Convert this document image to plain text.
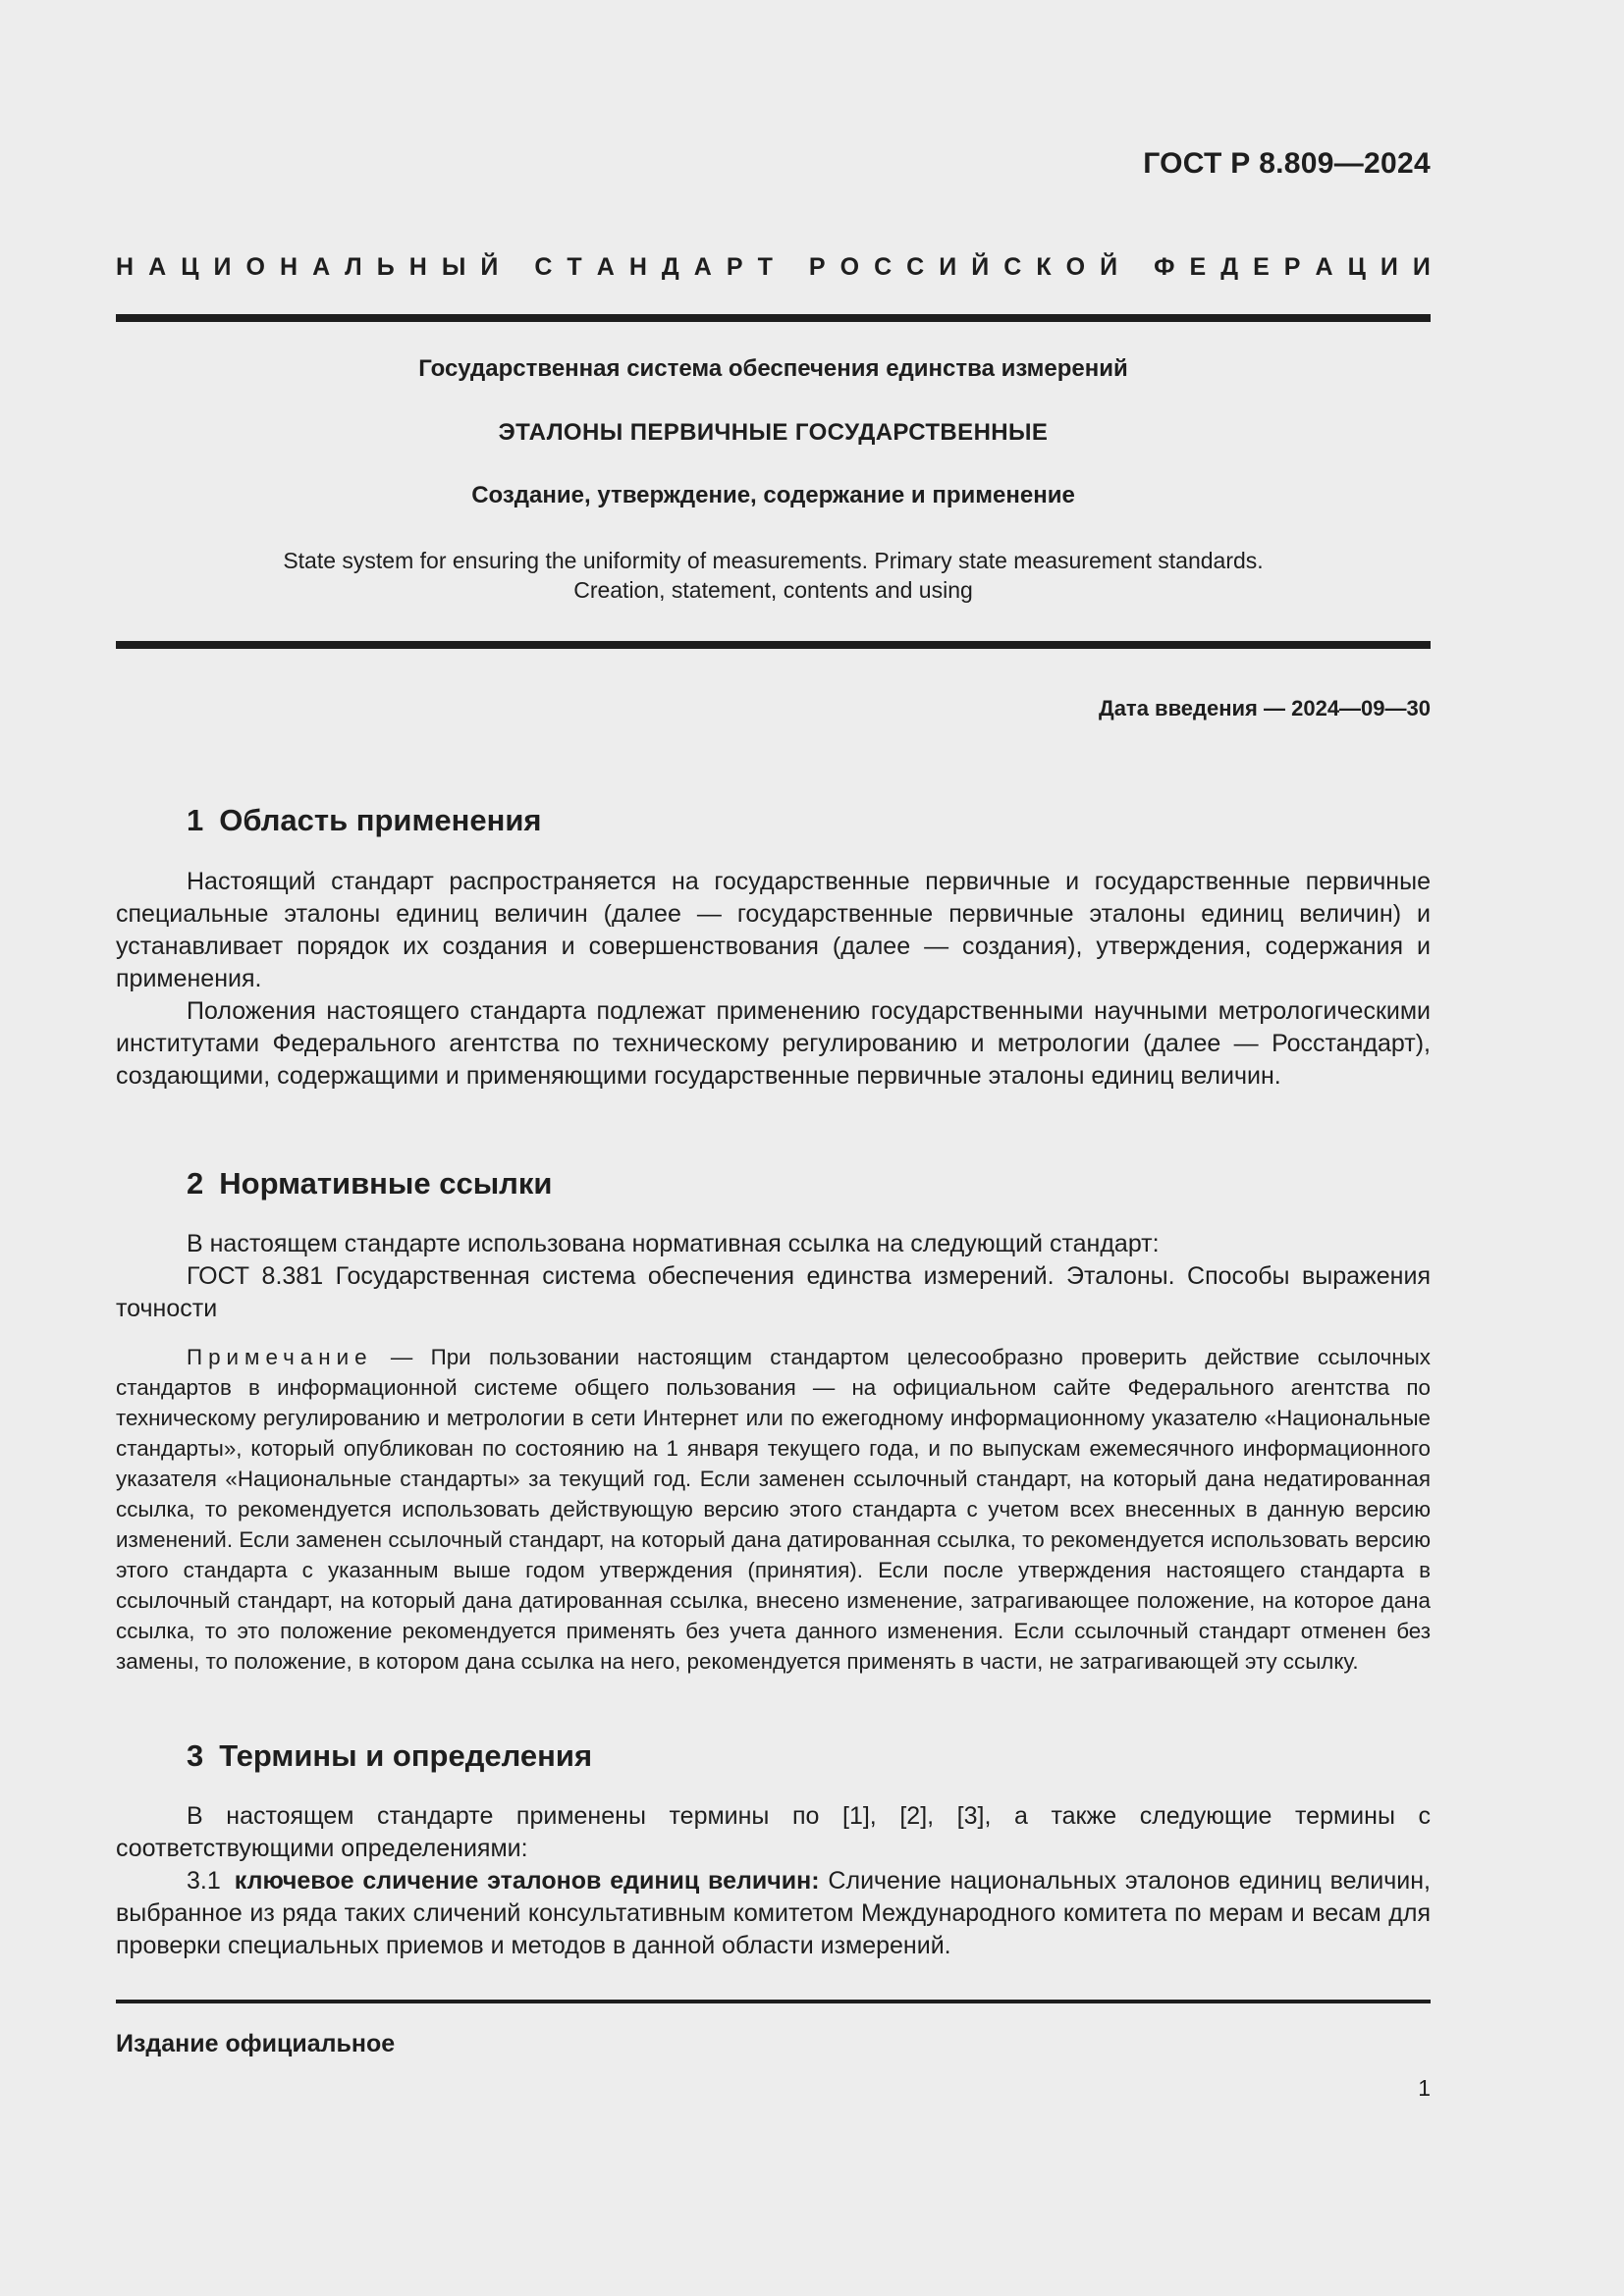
ГОСТ Р 8.809—2024
Н А Ц И О Н А Л Ь Н Ы Й
С Т А Н Д А Р Т
Р О С С И Й С К О Й
Ф Е Д Е Р А Ц И И
Государственная система обеспечения единства измерений
ЭТАЛОНЫ ПЕРВИЧНЫЕ ГОСУДАРСТВЕННЫЕ
Создание, утверждение, содержание и применение
State system for ensuring the uniformity of measurements. Primary state measurement standards.
Creation, statement, contents and using
Дата введения — 2024—09—30
1 Область применения

Настоящий стандарт распространяется на государственные первичные и государственные первичные специальные эталоны единиц величин (далее — государственные первичные эталоны единиц величин) и устанавливает порядок их создания и совершенствования (далее — создания), утверждения, содержания и применения.

Положения настоящего стандарта подлежат применению государственными научными метрологическими институтами Федерального агентства по техническому регулированию и метрологии (далее — Росстандарт), создающими, содержащими и применяющими государственные первичные эталоны единиц величин.

2 Нормативные ссылки

В настоящем стандарте использована нормативная ссылка на следующий стандарт:

ГОСТ 8.381 Государственная система обеспечения единства измерений. Эталоны. Способы выражения точности

Примечание — При пользовании настоящим стандартом целесообразно проверить действие ссылочных стандартов в информационной системе общего пользования — на официальном сайте Федерального агентства по техническому регулированию и метрологии в сети Интернет или по ежегодному информационному указателю «Национальные стандарты», который опубликован по состоянию на 1 января текущего года, и по выпускам ежемесячного информационного указателя «Национальные стандарты» за текущий год. Если заменен ссылочный стандарт, на который дана недатированная ссылка, то рекомендуется использовать действующую версию этого стандарта с учетом всех внесенных в данную версию изменений. Если заменен ссылочный стандарт, на который дана датированная ссылка, то рекомендуется использовать версию этого стандарта с указанным выше годом утверждения (принятия). Если после утверждения настоящего стандарта в ссылочный стандарт, на который дана датированная ссылка, внесено изменение, затрагивающее положение, на которое дана ссылка, то это положение рекомендуется применять без учета данного изменения. Если ссылочный стандарт отменен без замены, то положение, в котором дана ссылка на него, рекомендуется применять в части, не затрагивающей эту ссылку.

3 Термины и определения

В настоящем стандарте применены термины по [1], [2], [3], а также следующие термины с соответствующими определениями:

3.1 ключевое сличение эталонов единиц величин: Сличение национальных эталонов единиц величин, выбранное из ряда таких сличений консультативным комитетом Международного комитета по мерам и весам для проверки специальных приемов и методов в данной области измерений.

Издание официальное
1
